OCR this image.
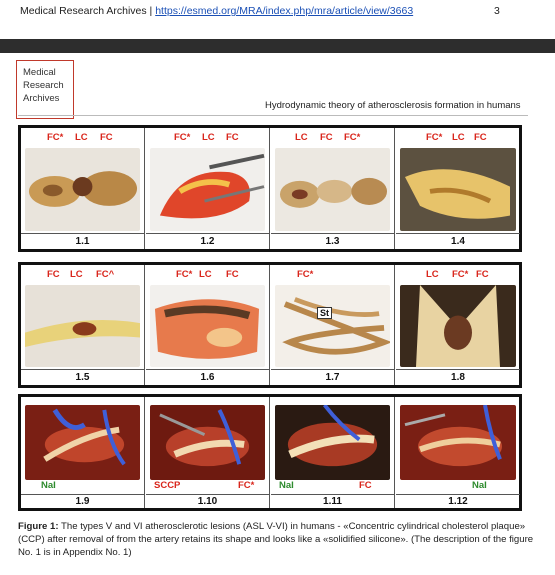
Medical Research Archives | https://esmed.org/MRA/index.php/mra/article/view/3663	3
Medical
Research
Archives
Hydrodynamic theory of atherosclerosis formation in humans
FC* LC FC
1.1
FC* LC FC
1.2
LC FC FC*
1.3
FC* LC FC
1.4
FC LC FC^
1.5
FC* LC FC
1.6
FC*
St
1.7
LC FC* FC
1.8
NaI
1.9
SCCP	FC*
1.10
NaI	FC
1.11
NaI
1.12
Figure 1: The types V and VI atherosclerotic lesions (ASL V-VI) in humans - «Concentric cylindrical cholesterol plaque» (CCP) after removal of from the artery retains its shape and looks like a «solidified silicone». (The description of the figure No. 1 is in Appendix No. 1)
